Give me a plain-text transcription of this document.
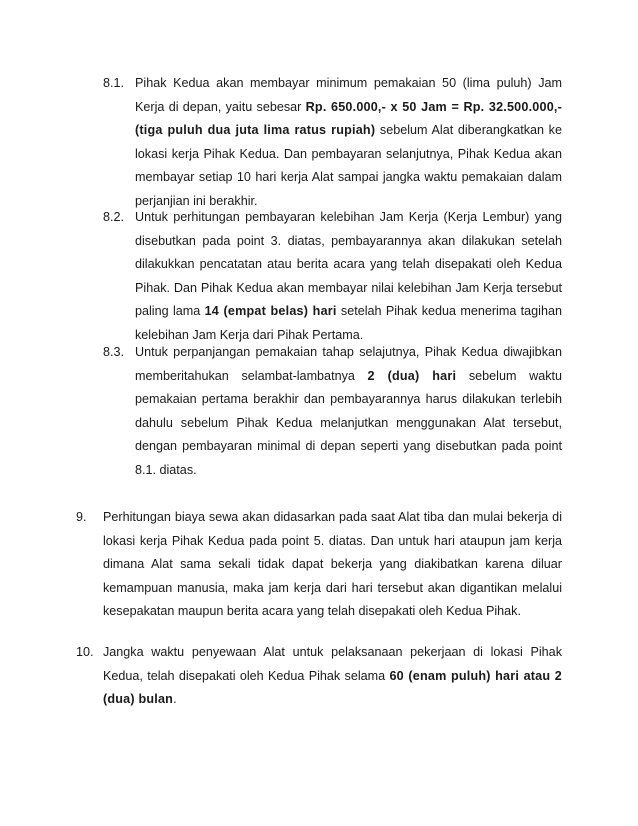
8.1. Pihak Kedua akan membayar minimum pemakaian 50 (lima puluh) Jam Kerja di depan, yaitu sebesar Rp. 650.000,- x 50 Jam = Rp. 32.500.000,- (tiga puluh dua juta lima ratus rupiah) sebelum Alat diberangkatkan ke lokasi kerja Pihak Kedua. Dan pembayaran selanjutnya, Pihak Kedua akan membayar setiap 10 hari kerja Alat sampai jangka waktu pemakaian dalam perjanjian ini berakhir.

8.2. Untuk perhitungan pembayaran kelebihan Jam Kerja (Kerja Lembur) yang disebutkan pada point 3. diatas, pembayarannya akan dilakukan setelah dilakukkan pencatatan atau berita acara yang telah disepakati oleh Kedua Pihak. Dan Pihak Kedua akan membayar nilai kelebihan Jam Kerja tersebut paling lama 14 (empat belas) hari setelah Pihak kedua menerima tagihan kelebihan Jam Kerja dari Pihak Pertama.

8.3. Untuk perpanjangan pemakaian tahap selajutnya, Pihak Kedua diwajibkan memberitahukan selambat-lambatnya 2 (dua) hari sebelum waktu pemakaian pertama berakhir dan pembayarannya harus dilakukan terlebih dahulu sebelum Pihak Kedua melanjutkan menggunakan Alat tersebut, dengan pembayaran minimal di depan seperti yang disebutkan pada point 8.1. diatas.

9. Perhitungan biaya sewa akan didasarkan pada saat Alat tiba dan mulai bekerja di lokasi kerja Pihak Kedua pada point 5. diatas. Dan untuk hari ataupun jam kerja dimana Alat sama sekali tidak dapat bekerja yang diakibatkan karena diluar kemampuan manusia, maka jam kerja dari hari tersebut akan digantikan melalui kesepakatan maupun berita acara yang telah disepakati oleh Kedua Pihak.

10. Jangka waktu penyewaan Alat untuk pelaksanaan pekerjaan di lokasi Pihak Kedua, telah disepakati oleh Kedua Pihak selama 60 (enam puluh) hari atau 2 (dua) bulan.
